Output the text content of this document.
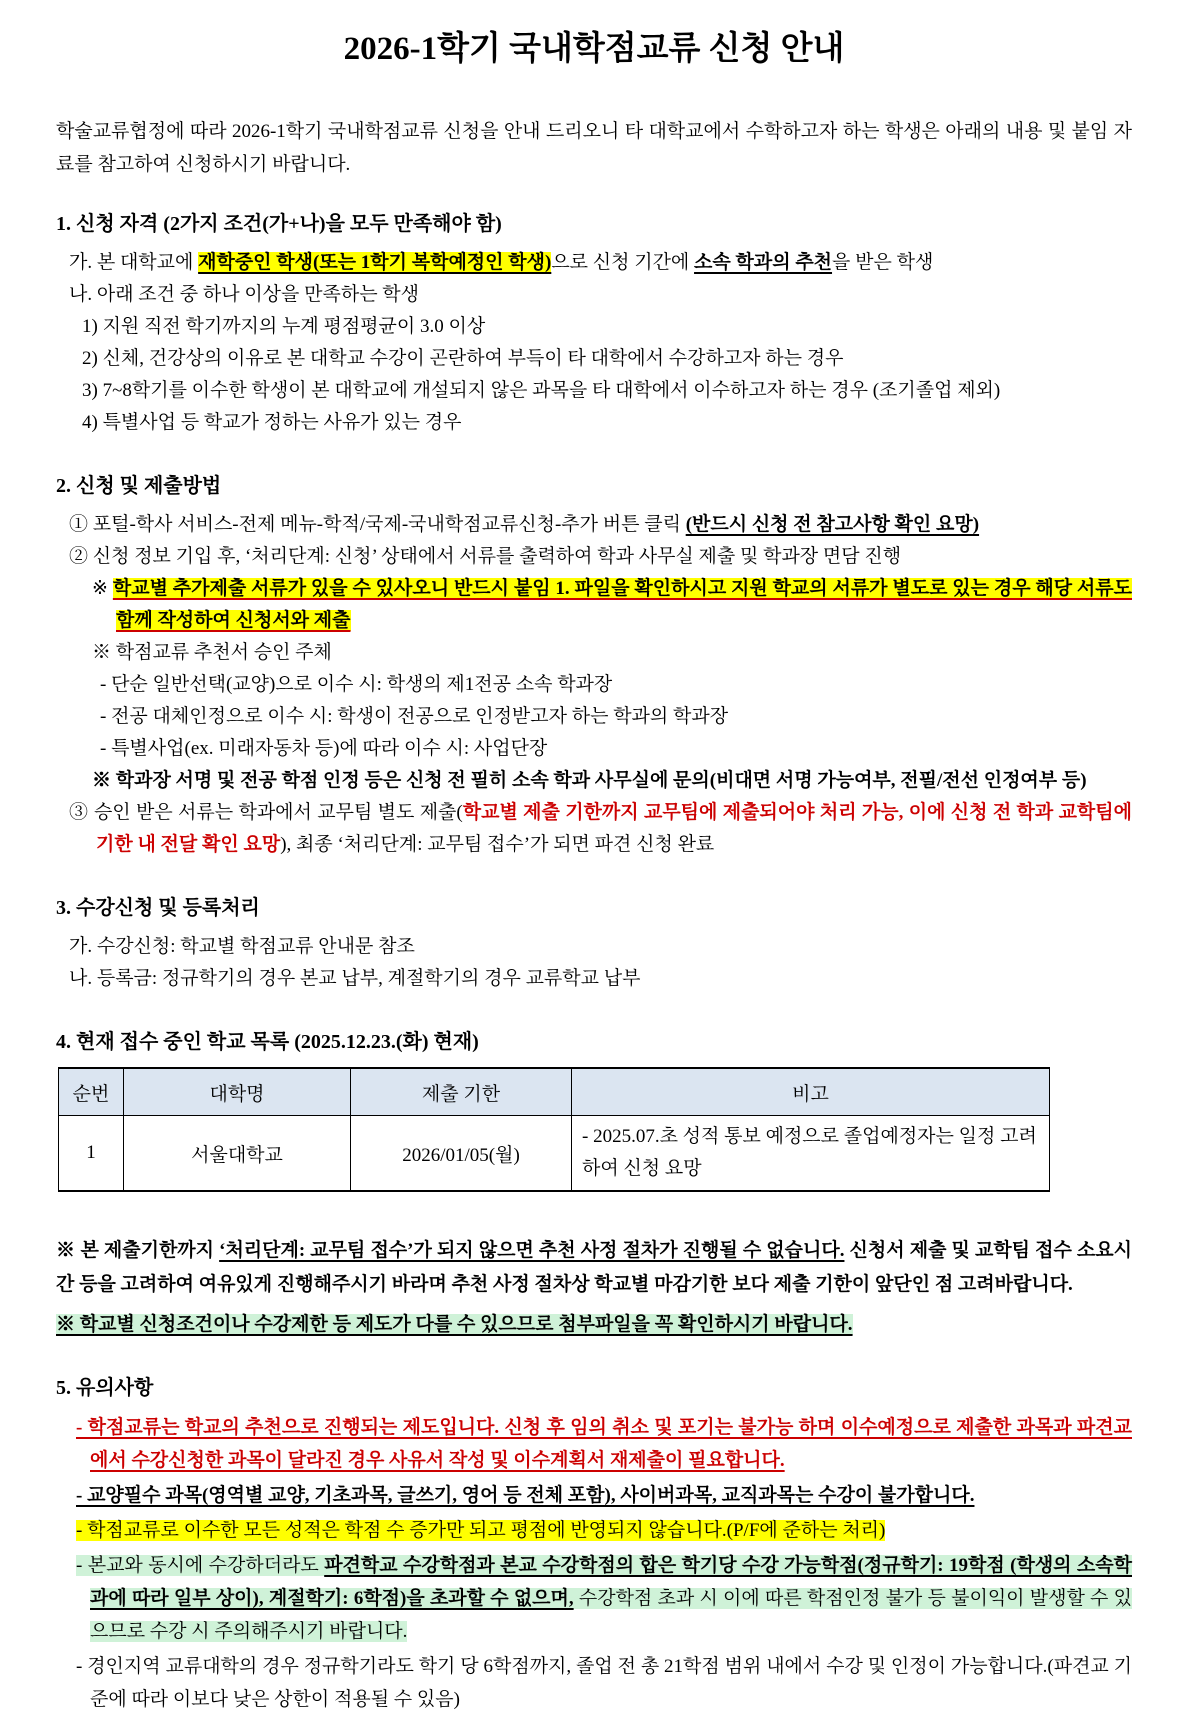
2026-1학기 국내학점교류 신청 안내
학술교류협정에 따라 2026-1학기 국내학점교류 신청을 안내 드리오니 타 대학교에서 수학하고자 하는 학생은 아래의 내용 및 붙임 자료를 참고하여 신청하시기 바랍니다.
1. 신청 자격 (2가지 조건(가+나)을 모두 만족해야 함)
가. 본 대학교에 재학중인 학생(또는 1학기 복학예정인 학생)으로 신청 기간에 소속 학과의 추천을 받은 학생
나. 아래 조건 중 하나 이상을 만족하는 학생
1) 지원 직전 학기까지의 누계 평점평균이 3.0 이상
2) 신체, 건강상의 이유로 본 대학교 수강이 곤란하여 부득이 타 대학에서 수강하고자 하는 경우
3) 7~8학기를 이수한 학생이 본 대학교에 개설되지 않은 과목을 타 대학에서 이수하고자 하는 경우 (조기졸업 제외)
4) 특별사업 등 학교가 정하는 사유가 있는 경우
2. 신청 및 제출방법
① 포털-학사 서비스-전제 메뉴-학적/국제-국내학점교류신청-추가 버튼 클릭 (반드시 신청 전 참고사항 확인 요망)
② 신청 정보 기입 후, ‘처리단계: 신청’ 상태에서 서류를 출력하여 학과 사무실 제출 및 학과장 면담 진행
※ 학교별 추가제출 서류가 있을 수 있사오니 반드시 붙임 1. 파일을 확인하시고 지원 학교의 서류가 별도로 있는 경우 해당 서류도 함께 작성하여 신청서와 제출
※ 학점교류 추천서 승인 주체
- 단순 일반선택(교양)으로 이수 시: 학생의 제1전공 소속 학과장
- 전공 대체인정으로 이수 시: 학생이 전공으로 인정받고자 하는 학과의 학과장
- 특별사업(ex. 미래자동차 등)에 따라 이수 시: 사업단장
※ 학과장 서명 및 전공 학점 인정 등은 신청 전 필히 소속 학과 사무실에 문의(비대면 서명 가능여부, 전필/전선 인정여부 등)
③ 승인 받은 서류는 학과에서 교무팀 별도 제출(학교별 제출 기한까지 교무팀에 제출되어야 처리 가능, 이에 신청 전 학과 교학팀에 기한 내 전달 확인 요망), 최종 ‘처리단계: 교무팀 접수’가 되면 파견 신청 완료
3. 수강신청 및 등록처리
가. 수강신청: 학교별 학점교류 안내문 참조
나. 등록금: 정규학기의 경우 본교 납부, 계절학기의 경우 교류학교 납부
4. 현재 접수 중인 학교 목록 (2025.12.23.(화) 현재)
순번	대학명	제출 기한	비고
1	서울대학교	2026/01/05(월)	- 2025.07.초 성적 통보 예정으로 졸업예정자는 일정 고려하여 신청 요망
※ 본 제출기한까지 ‘처리단계: 교무팀 접수’가 되지 않으면 추천 사정 절차가 진행될 수 없습니다. 신청서 제출 및 교학팀 접수 소요시간 등을 고려하여 여유있게 진행해주시기 바라며 추천 사정 절차상 학교별 마감기한 보다 제출 기한이 앞단인 점 고려바랍니다.
※ 학교별 신청조건이나 수강제한 등 제도가 다를 수 있으므로 첨부파일을 꼭 확인하시기 바랍니다.
5. 유의사항
- 학점교류는 학교의 추천으로 진행되는 제도입니다. 신청 후 임의 취소 및 포기는 불가능 하며 이수예정으로 제출한 과목과 파견교에서 수강신청한 과목이 달라진 경우 사유서 작성 및 이수계획서 재제출이 필요합니다.
- 교양필수 과목(영역별 교양, 기초과목, 글쓰기, 영어 등 전체 포함), 사이버과목, 교직과목는 수강이 불가합니다.
- 학점교류로 이수한 모든 성적은 학점 수 증가만 되고 평점에 반영되지 않습니다.(P/F에 준하는 처리)
- 본교와 동시에 수강하더라도 파견학교 수강학점과 본교 수강학점의 합은 학기당 수강 가능학점(정규학기: 19학점 (학생의 소속학과에 따라 일부 상이), 계절학기: 6학점)을 초과할 수 없으며, 수강학점 초과 시 이에 따른 학점인정 불가 등 불이익이 발생할 수 있으므로 수강 시 주의해주시기 바랍니다.
- 경인지역 교류대학의 경우 정규학기라도 학기 당 6학점까지, 졸업 전 총 21학점 범위 내에서 수강 및 인정이 가능합니다.(파견교 기준에 따라 이보다 낮은 상한이 적용될 수 있음)
